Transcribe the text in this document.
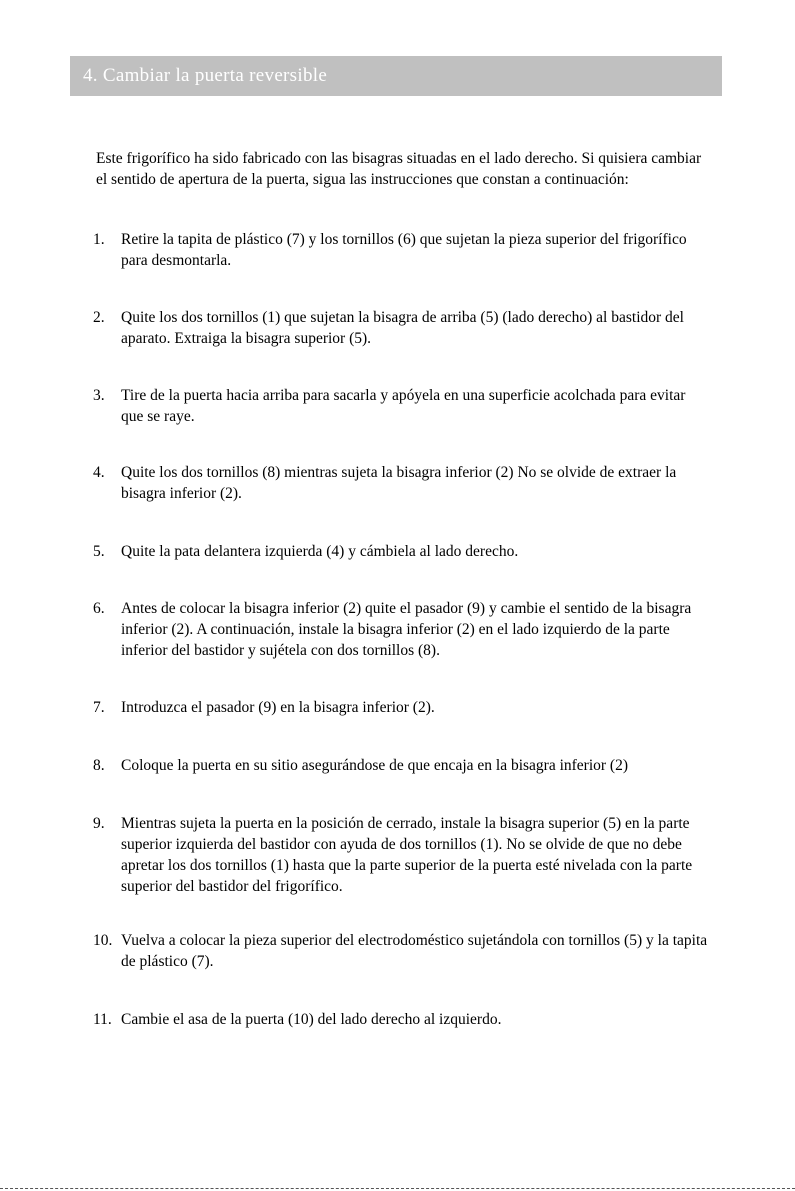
4. Cambiar la puerta reversible

Este frigorífico ha sido fabricado con las bisagras situadas en el lado derecho. Si quisiera cambiar el sentido de apertura de la puerta, sigua las instrucciones que constan a continuación:

1.	Retire la tapita de plástico (7) y los tornillos (6) que sujetan la pieza superior del frigorífico para desmontarla.
2.	Quite los dos tornillos (1) que sujetan la bisagra de arriba (5) (lado derecho) al bastidor del aparato. Extraiga la bisagra superior (5).
3.	Tire de la puerta hacia arriba para sacarla y apóyela en una superficie acolchada para evitar que se raye.
4.	Quite los dos tornillos (8) mientras sujeta la bisagra inferior (2) No se olvide de extraer la bisagra inferior (2).
5.	Quite la pata delantera izquierda (4) y cámbiela al lado derecho.
6.	Antes de colocar la bisagra inferior (2) quite el pasador (9) y cambie el sentido de la bisagra inferior (2). A continuación, instale la bisagra inferior (2) en el lado izquierdo de la parte inferior del bastidor y sujétela con dos tornillos (8).
7.	Introduzca el pasador (9) en la bisagra inferior (2).
8.	Coloque la puerta en su sitio asegurándose de que encaja en la bisagra inferior (2)
9.	Mientras sujeta la puerta en la posición de cerrado, instale la bisagra superior (5) en la parte superior izquierda del bastidor con ayuda de dos tornillos (1). No se olvide de que no debe apretar los dos tornillos (1) hasta que la parte superior de la puerta esté nivelada con la parte superior del bastidor del frigorífico.
10. Vuelva a colocar la pieza superior del electrodoméstico sujetándola con tornillos (5) y la tapita de plástico (7).
11. Cambie el asa de la puerta (10) del lado derecho al izquierdo.
